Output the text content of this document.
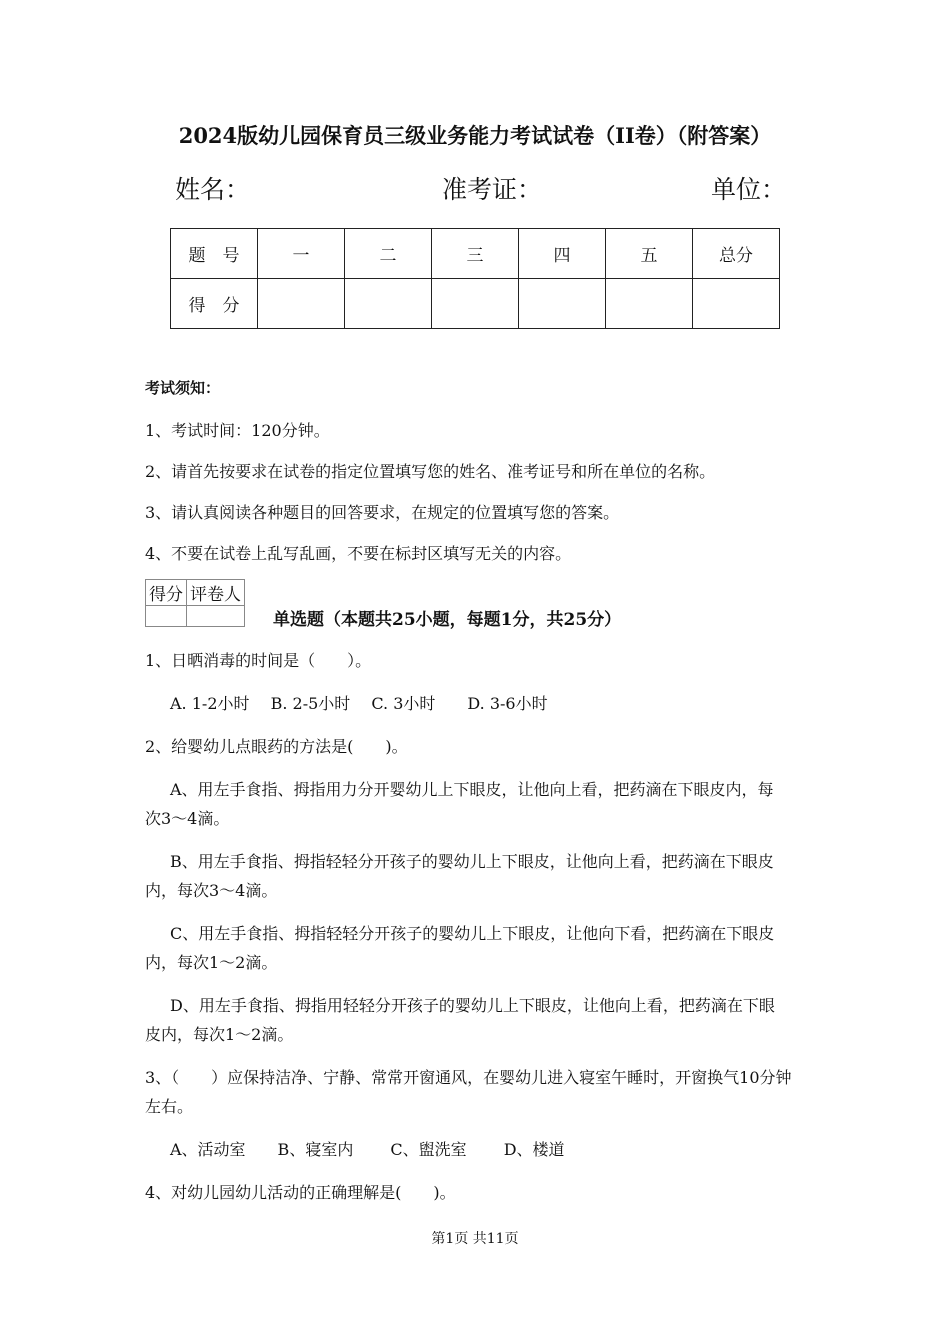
2024版幼儿园保育员三级业务能力考试试卷（II卷）（附答案）
姓名：	准考证：	单位：
题　号	一	二	三	四	五	总分
得　分						
考试须知：
1、考试时间：120分钟。
2、请首先按要求在试卷的指定位置填写您的姓名、准考证号和所在单位的名称。
3、请认真阅读各种题目的回答要求，在规定的位置填写您的答案。
4、不要在试卷上乱写乱画，不要在标封区填写无关的内容。
得分	评卷人

单选题（本题共25小题，每题1分，共25分）
1、日晒消毒的时间是（　　）。
A. 1-2小时　 B. 2-5小时　 C. 3小时　　D. 3-6小时
2、给婴幼儿点眼药的方法是(　　)。
A、用左手食指、拇指用力分开婴幼儿上下眼皮，让他向上看，把药滴在下眼皮内，每
次3～4滴。
B、用左手食指、拇指轻轻分开孩子的婴幼儿上下眼皮，让他向上看，把药滴在下眼皮
内，每次3～4滴。
C、用左手食指、拇指轻轻分开孩子的婴幼儿上下眼皮，让他向下看，把药滴在下眼皮
内，每次1～2滴。
D、用左手食指、拇指用轻轻分开孩子的婴幼儿上下眼皮，让他向上看，把药滴在下眼
皮内，每次1～2滴。
3、（　　）应保持洁净、宁静、常常开窗通风，在婴幼儿进入寝室午睡时，开窗换气10分钟
左右。
A、活动室　　B、寝室内　　 C、盥洗室　　 D、楼道
4、对幼儿园幼儿活动的正确理解是(　　)。
第1页 共11页
